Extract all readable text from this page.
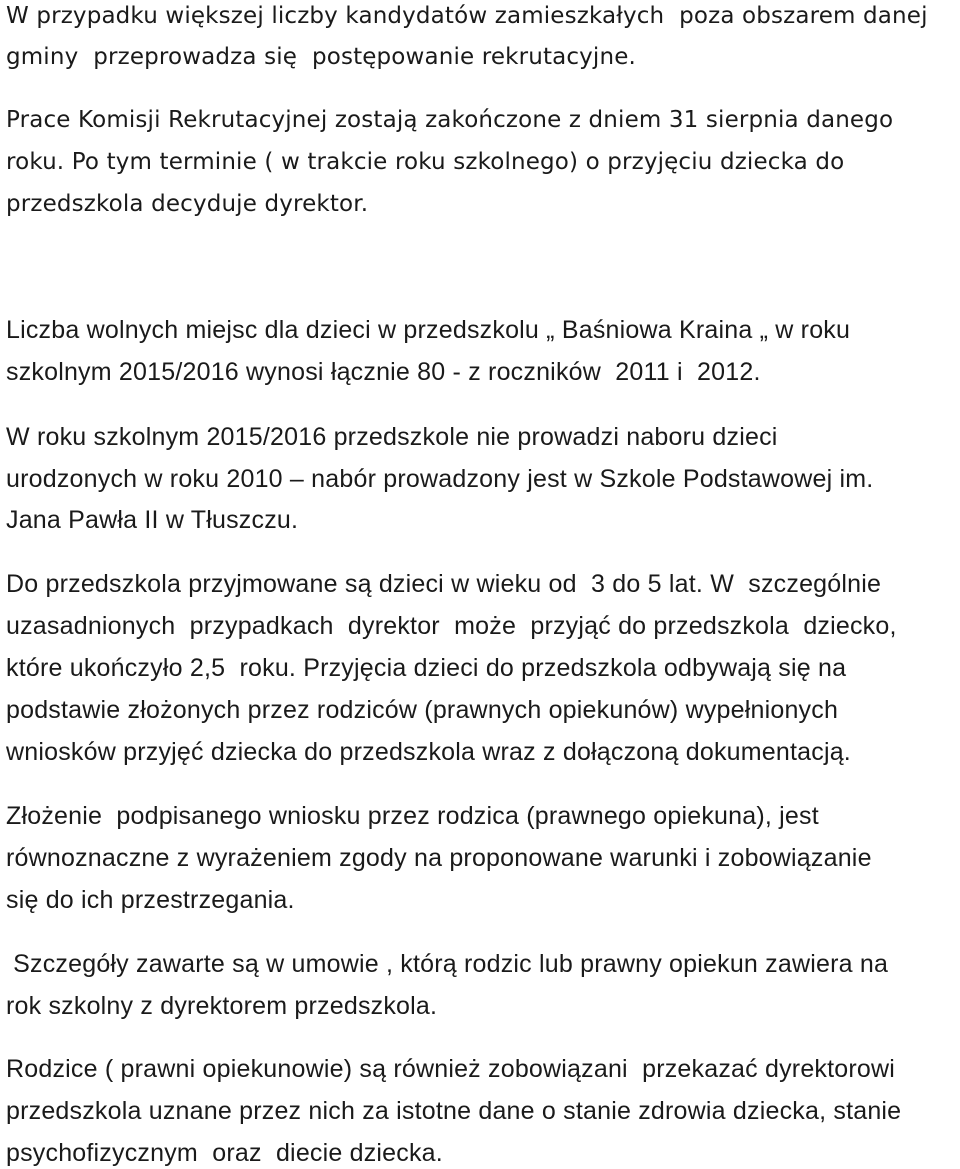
W przypadku większej liczby kandydatów zamieszkałych  poza obszarem danej

gminy  przeprowadza się  postępowanie rekrutacyjne.

Prace Komisji Rekrutacyjnej zostają zakończone z dniem 31 sierpnia danego

roku. Po tym terminie ( w trakcie roku szkolnego) o przyjęciu dziecka do

przedszkola decyduje dyrektor.

Liczba wolnych miejsc dla dzieci w przedszkolu „ Baśniowa Kraina „ w roku

szkolnym 2015/2016 wynosi łącznie 80 - z roczników  2011 i  2012.

W roku szkolnym 2015/2016 przedszkole nie prowadzi naboru dzieci

urodzonych w roku 2010 – nabór prowadzony jest w Szkole Podstawowej im.

Jana Pawła II w Tłuszczu.

Do przedszkola przyjmowane są dzieci w wieku od  3 do 5 lat. W  szczególnie

uzasadnionych  przypadkach  dyrektor  może  przyjąć do przedszkola  dziecko,

które ukończyło 2,5  roku. Przyjęcia dzieci do przedszkola odbywają się na

podstawie złożonych przez rodziców (prawnych opiekunów) wypełnionych

wniosków przyjęć dziecka do przedszkola wraz z dołączoną dokumentacją.

Złożenie  podpisanego wniosku przez rodzica (prawnego opiekuna), jest

równoznaczne z wyrażeniem zgody na proponowane warunki i zobowiązanie

się do ich przestrzegania.

Szczegóły zawarte są w umowie , którą rodzic lub prawny opiekun zawiera na

rok szkolny z dyrektorem przedszkola.

Rodzice ( prawni opiekunowie) są również zobowiązani  przekazać dyrektorowi

przedszkola uznane przez nich za istotne dane o stanie zdrowia dziecka, stanie

psychofizycznym  oraz  diecie dziecka.
